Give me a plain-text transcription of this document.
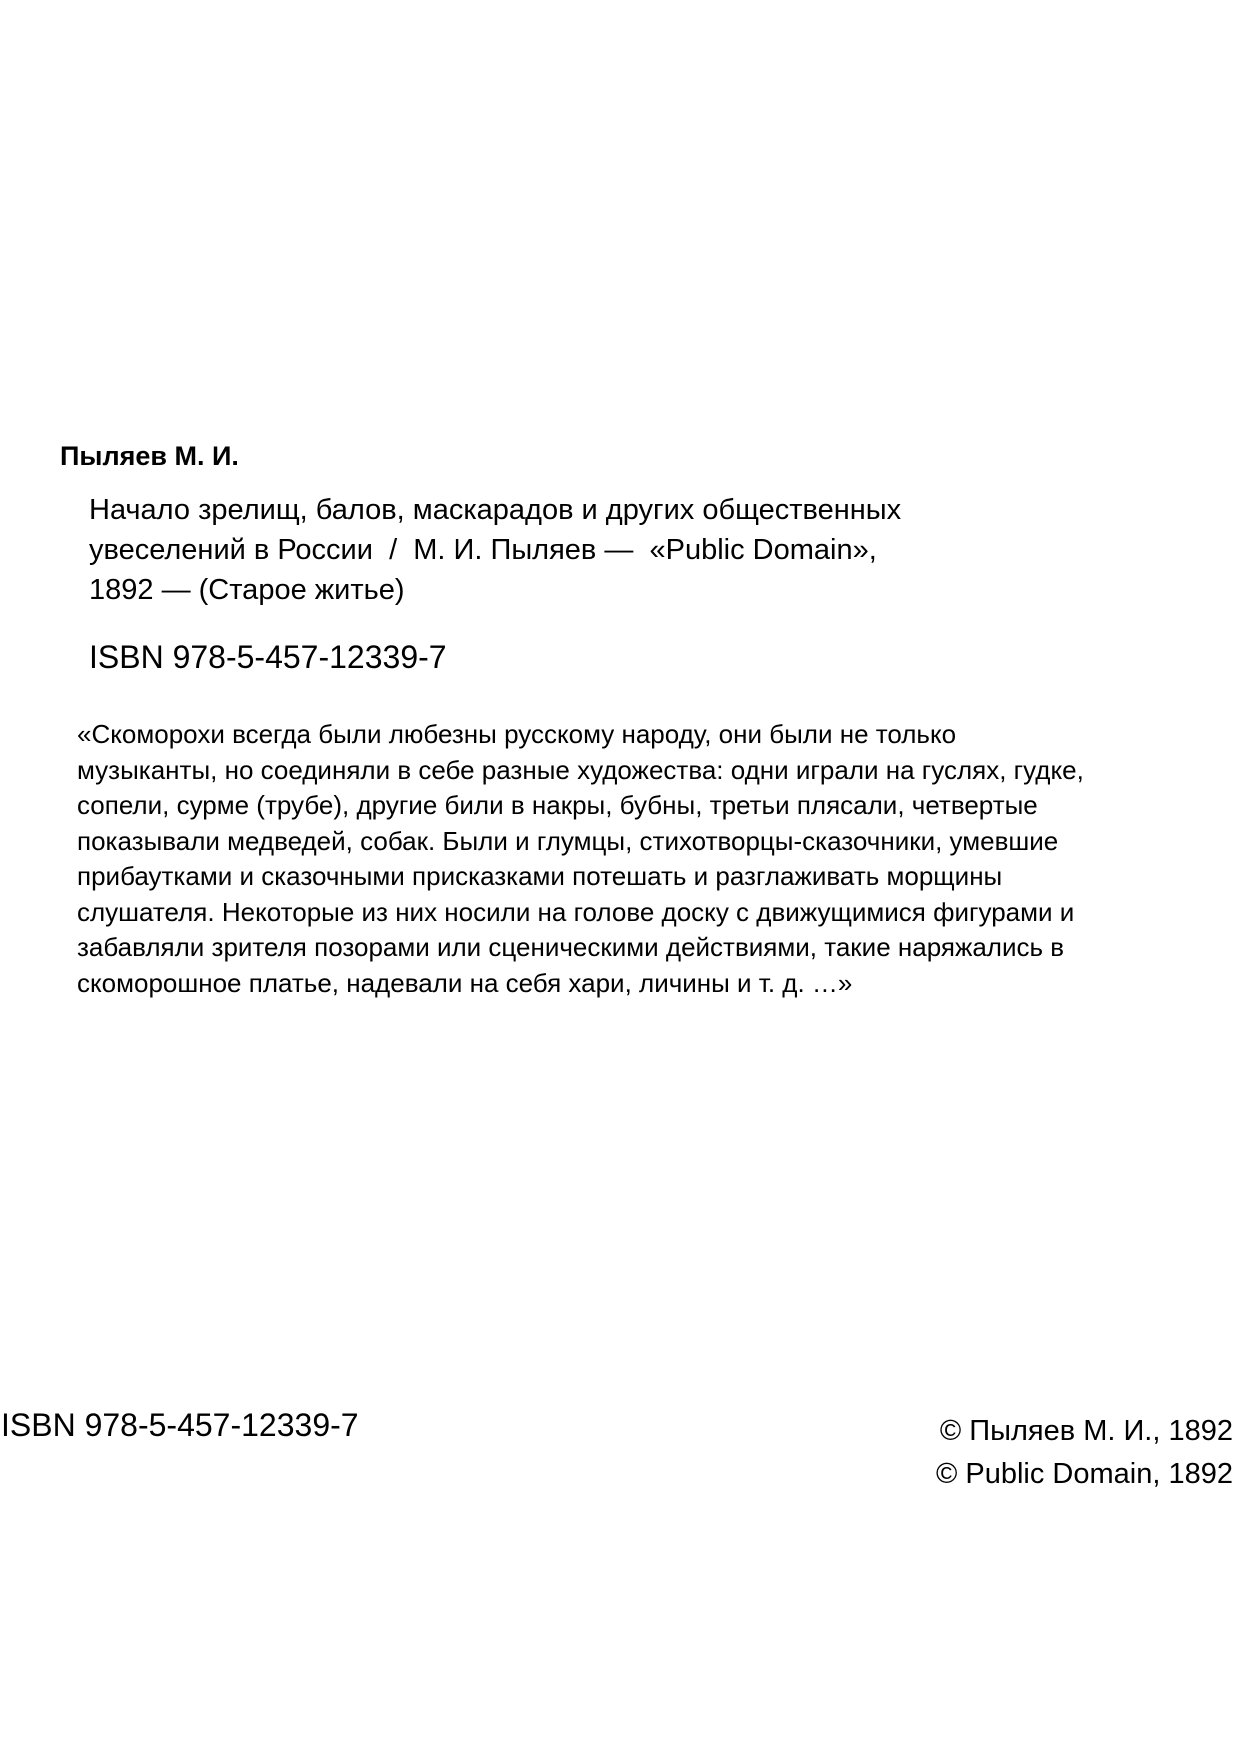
Пыляев М. И.
Начало зрелищ, балов, маскарадов и других общественных
увеселений в России  /  М. И. Пыляев —  «Public Domain»,
1892 — (Старое житье)
ISBN 978-5-457-12339-7
«Скоморохи всегда были любезны русскому народу, они были не только
музыканты, но соединяли в себе разные художества: одни играли на гуслях, гудке,
сопели, сурме (трубе), другие били в накры, бубны, третьи плясали, четвертые
показывали медведей, собак. Были и глумцы, стихотворцы-сказочники, умевшие
прибаутками и сказочными присказками потешать и разглаживать морщины
слушателя. Некоторые из них носили на голове доску с движущимися фигурами и
забавляли зрителя позорами или сценическими действиями, такие наряжались в
скоморошное платье, надевали на себя хари, личины и т. д. …»
ISBN 978-5-457-12339-7	© Пыляев М. И., 1892
© Public Domain, 1892
